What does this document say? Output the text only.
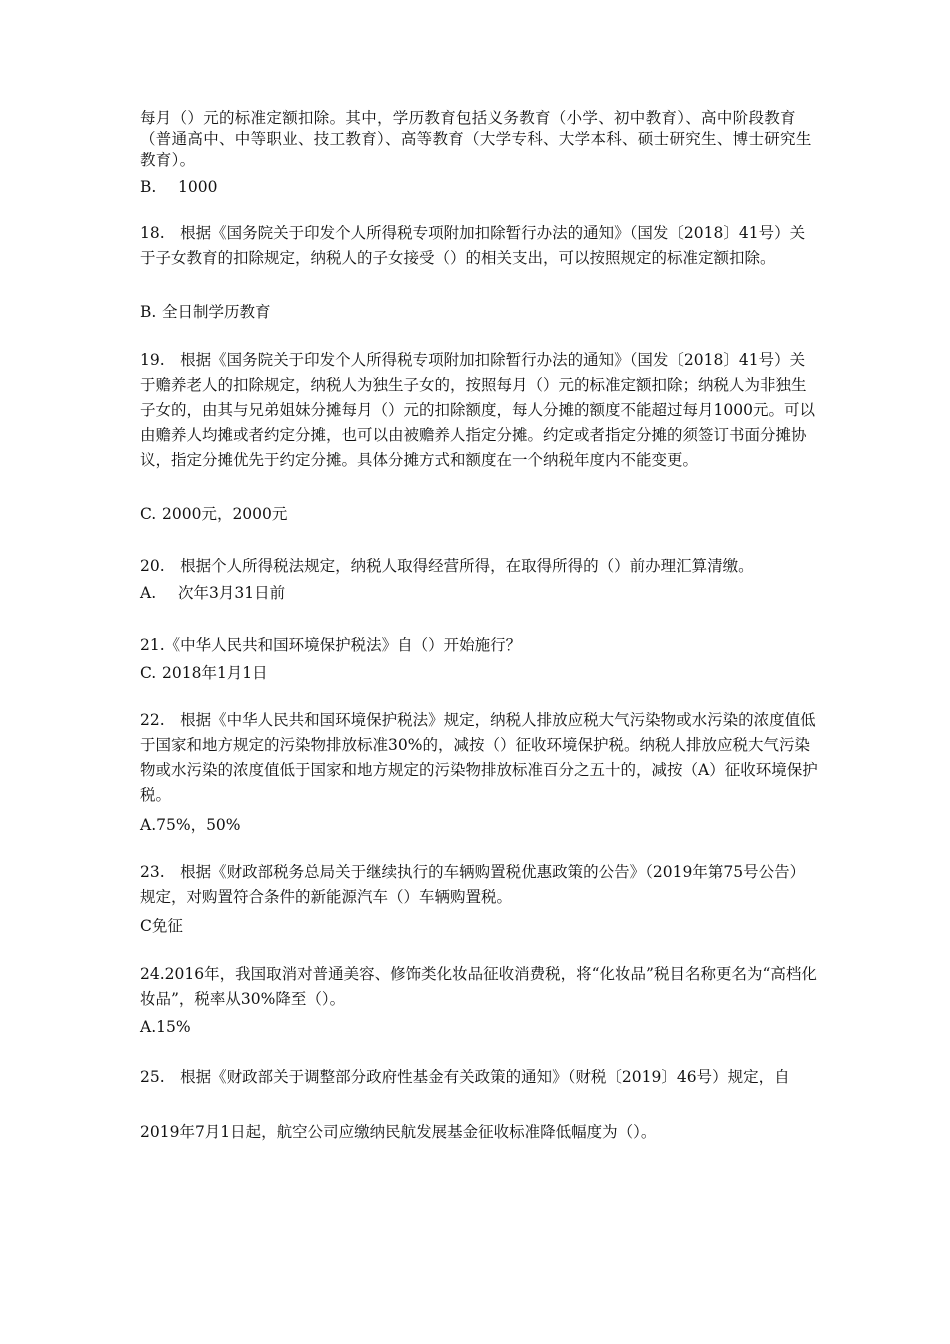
每月（）元的标准定额扣除。其中，学历教育包括义务教育（小学、初中教育）、高中阶段教育（普通高中、中等职业、技工教育）、高等教育（大学专科、大学本科、硕士研究生、博士研究生教育）。
B. 1000
18.　根据《国务院关于印发个人所得税专项附加扣除暂行办法的通知》（国发〔2018〕41号）关于子女教育的扣除规定，纳税人的子女接受（）的相关支出，可以按照规定的标准定额扣除。
B. 全日制学历教育
19.　根据《国务院关于印发个人所得税专项附加扣除暂行办法的通知》（国发〔2018〕41号）关于赡养老人的扣除规定，纳税人为独生子女的，按照每月（）元的标准定额扣除；纳税人为非独生子女的，由其与兄弟姐妹分摊每月（）元的扣除额度，每人分摊的额度不能超过每月1000元。可以由赡养人均摊或者约定分摊，也可以由被赡养人指定分摊。约定或者指定分摊的须签订书面分摊协议，指定分摊优先于约定分摊。具体分摊方式和额度在一个纳税年度内不能变更。
C. 2000元，2000元
20.　根据个人所得税法规定，纳税人取得经营所得，在取得所得的（）前办理汇算清缴。
A. 次年3月31日前
21.《中华人民共和国环境保护税法》自（）开始施行？
C. 2018年1月1日
22.　根据《中华人民共和国环境保护税法》规定，纳税人排放应税大气污染物或水污染的浓度值低于国家和地方规定的污染物排放标准30%的，减按（）征收环境保护税。纳税人排放应税大气污染物或水污染的浓度值低于国家和地方规定的污染物排放标准百分之五十的，减按（A）征收环境保护税。
A.75%，50%
23.　根据《财政部税务总局关于继续执行的车辆购置税优惠政策的公告》（2019年第75号公告）规定，对购置符合条件的新能源汽车（）车辆购置税。
C免征
24.2016年，我国取消对普通美容、修饰类化妆品征收消费税，将“化妆品”税目名称更名为“高档化妆品”，税率从30%降至（）。
A.15%
25.　根据《财政部关于调整部分政府性基金有关政策的通知》（财税〔2019〕46号）规定，自
2019年7月1日起，航空公司应缴纳民航发展基金征收标准降低幅度为（）。
